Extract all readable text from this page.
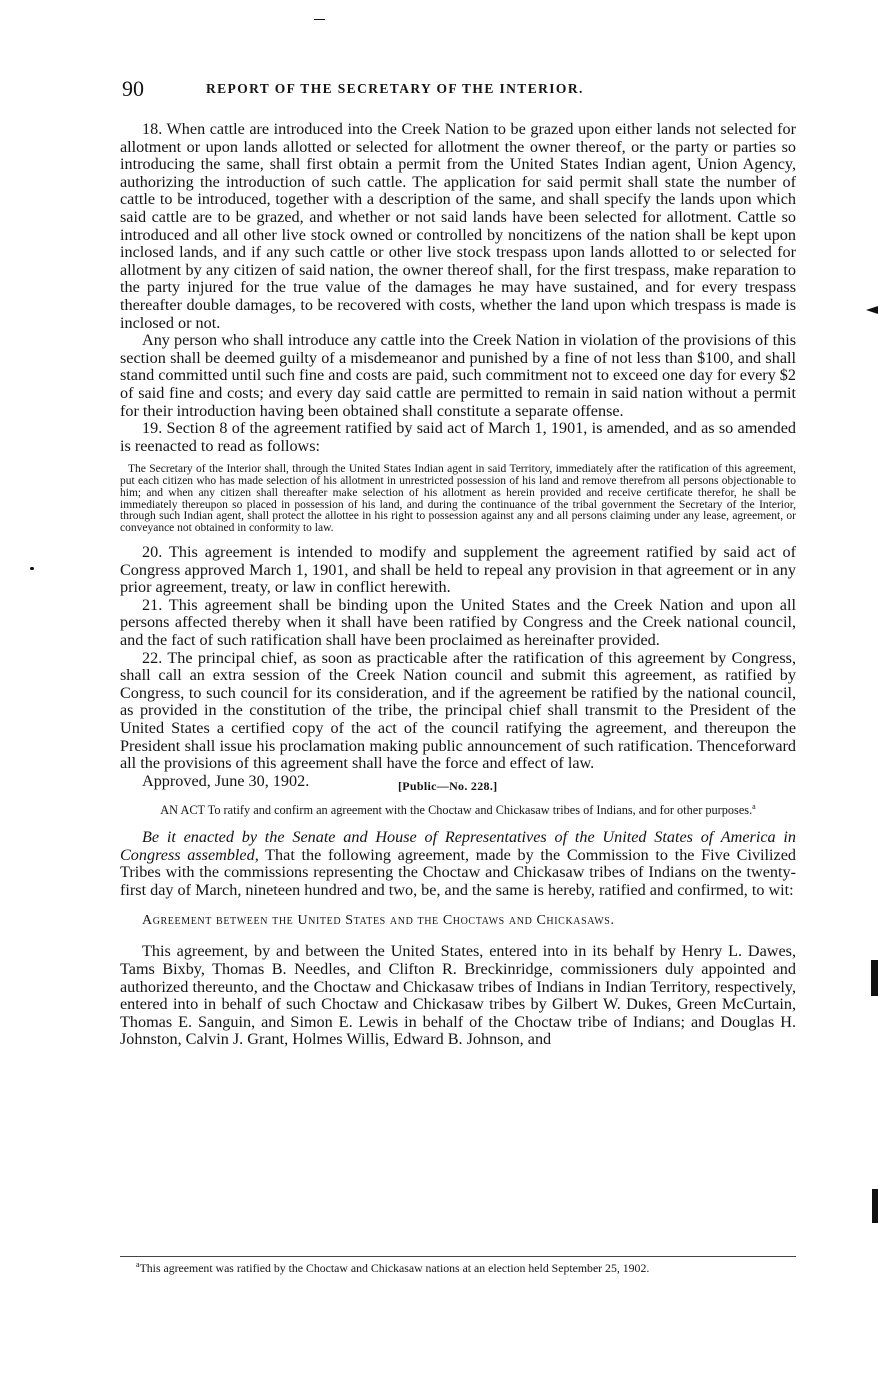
90	REPORT OF THE SECRETARY OF THE INTERIOR.

18. When cattle are introduced into the Creek Nation to be grazed upon either lands not selected for allotment or upon lands allotted or selected for allotment the owner thereof, or the party or parties so introducing the same, shall first obtain a permit from the United States Indian agent, Union Agency, authorizing the introduction of such cattle. The application for said permit shall state the number of cattle to be introduced, together with a description of the same, and shall specify the lands upon which said cattle are to be grazed, and whether or not said lands have been selected for allotment. Cattle so introduced and all other live stock owned or controlled by noncitizens of the nation shall be kept upon inclosed lands, and if any such cattle or other live stock trespass upon lands allotted to or selected for allotment by any citizen of said nation, the owner thereof shall, for the first trespass, make reparation to the party injured for the true value of the damages he may have sustained, and for every trespass thereafter double damages, to be recovered with costs, whether the land upon which trespass is made is inclosed or not.

Any person who shall introduce any cattle into the Creek Nation in violation of the provisions of this section shall be deemed guilty of a misdemeanor and punished by a fine of not less than $100, and shall stand committed until such fine and costs are paid, such commitment not to exceed one day for every $2 of said fine and costs; and every day said cattle are permitted to remain in said nation without a permit for their introduction having been obtained shall constitute a separate offense.

19. Section 8 of the agreement ratified by said act of March 1, 1901, is amended, and as so amended is reenacted to read as follows:

The Secretary of the Interior shall, through the United States Indian agent in said Territory, immediately after the ratification of this agreement, put each citizen who has made selection of his allotment in unrestricted possession of his land and remove therefrom all persons objectionable to him; and when any citizen shall thereafter make selection of his allotment as herein provided and receive certificate therefor, he shall be immediately thereupon so placed in possession of his land, and during the continuance of the tribal government the Secretary of the Interior, through such Indian agent, shall protect the allottee in his right to possession against any and all persons claiming under any lease, agreement, or conveyance not obtained in conformity to law.

20. This agreement is intended to modify and supplement the agreement ratified by said act of Congress approved March 1, 1901, and shall be held to repeal any provision in that agreement or in any prior agreement, treaty, or law in conflict herewith.

21. This agreement shall be binding upon the United States and the Creek Nation and upon all persons affected thereby when it shall have been ratified by Congress and the Creek national council, and the fact of such ratification shall have been proclaimed as hereinafter provided.

22. The principal chief, as soon as practicable after the ratification of this agreement by Congress, shall call an extra session of the Creek Nation council and submit this agreement, as ratified by Congress, to such council for its consideration, and if the agreement be ratified by the national council, as provided in the constitution of the tribe, the principal chief shall transmit to the President of the United States a certified copy of the act of the council ratifying the agreement, and thereupon the President shall issue his proclamation making public announcement of such ratification. Thenceforward all the provisions of this agreement shall have the force and effect of law.

Approved, June 30, 1902.	[Public—No. 228.]

AN ACT To ratify and confirm an agreement with the Choctaw and Chickasaw tribes of Indians, and for other purposes.$^a$

Be it enacted by the Senate and House of Representatives of the United States of America in Congress assembled, That the following agreement, made by the Commission to the Five Civilized Tribes with the commissions representing the Choctaw and Chickasaw tribes of Indians on the twenty-first day of March, nineteen hundred and two, be, and the same is hereby, ratified and confirmed, to wit:

Agreement between the United States and the Choctaws and Chickasaws.

This agreement, by and between the United States, entered into in its behalf by Henry L. Dawes, Tams Bixby, Thomas B. Needles, and Clifton R. Breckinridge, commissioners duly appointed and authorized thereunto, and the Choctaw and Chickasaw tribes of Indians in Indian Territory, respectively, entered into in behalf of such Choctaw and Chickasaw tribes by Gilbert W. Dukes, Green McCurtain, Thomas E. Sanguin, and Simon E. Lewis in behalf of the Choctaw tribe of Indians; and Douglas H. Johnston, Calvin J. Grant, Holmes Willis, Edward B. Johnson, and

$^a$This agreement was ratified by the Choctaw and Chickasaw nations at an election held September 25, 1902.
